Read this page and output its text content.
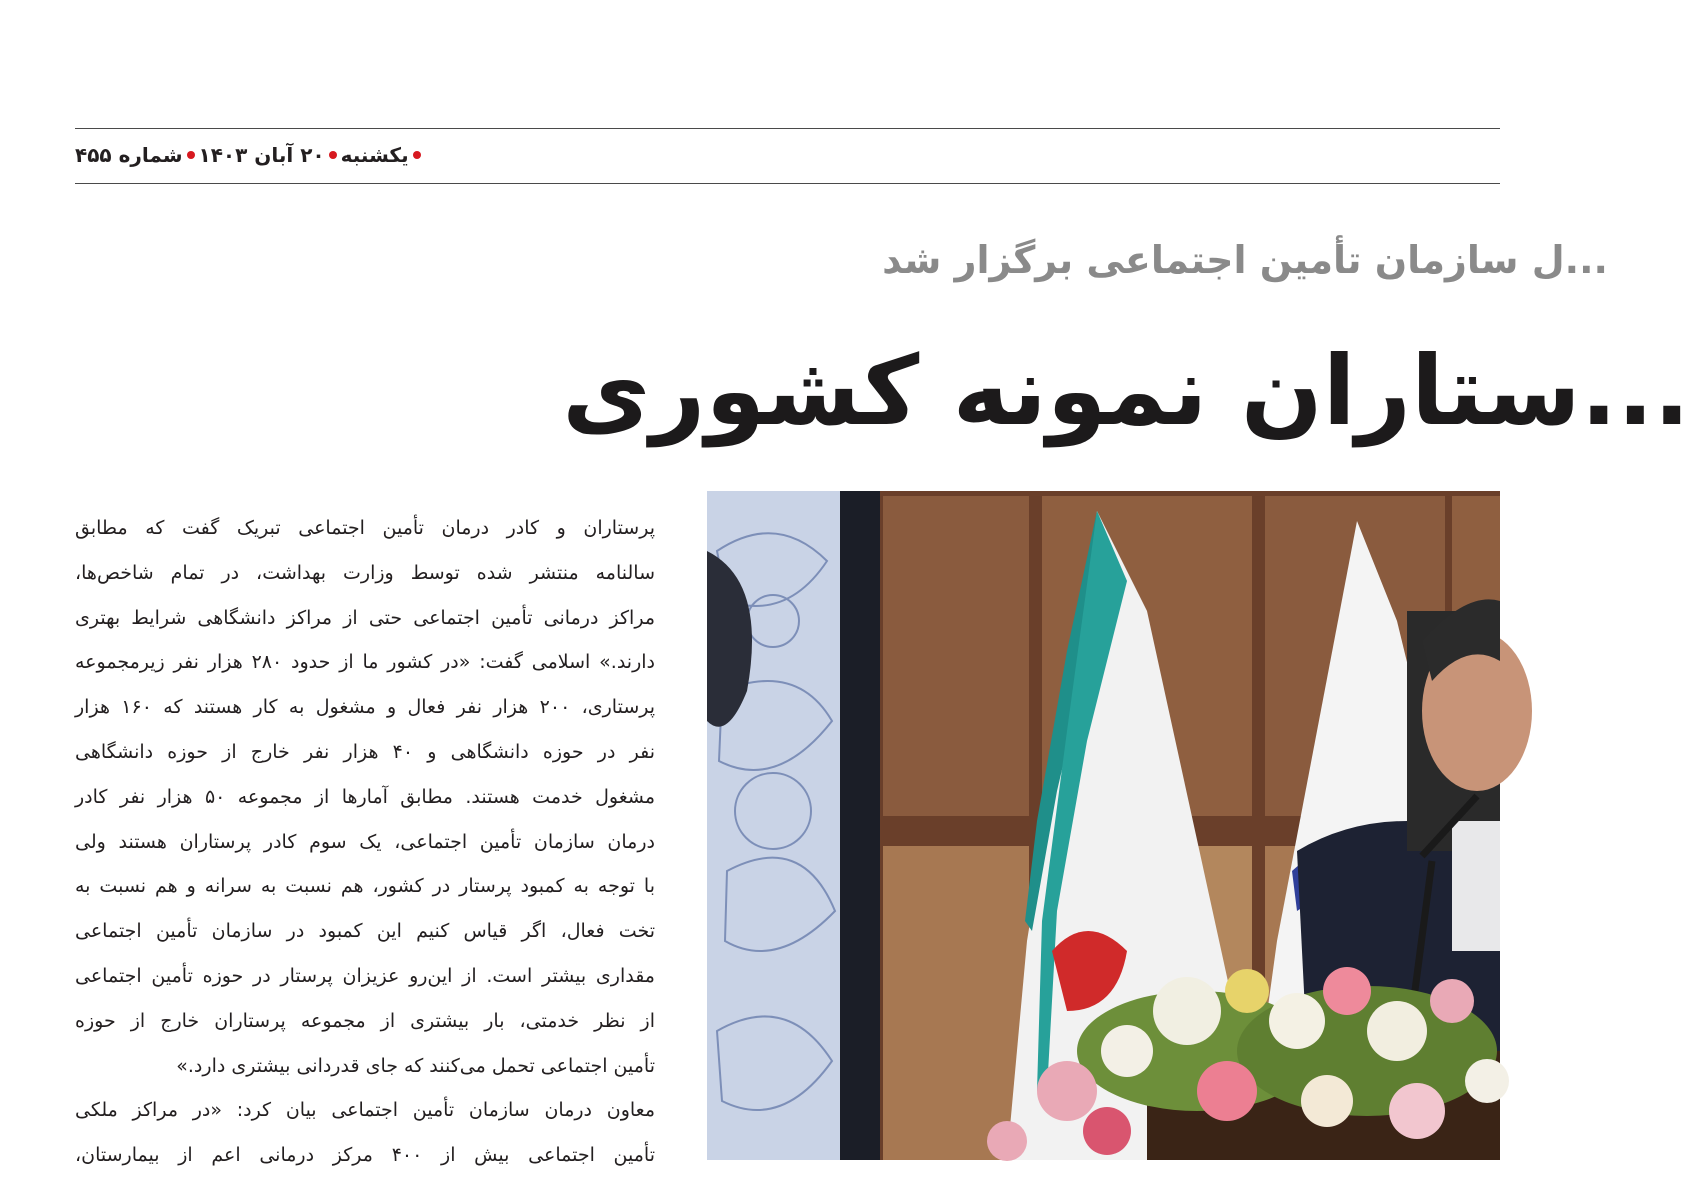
یکشنبه
۲۰ آبان ۱۴۰۳
شماره ۴۵۵
...ل سازمان تأمین اجتماعی برگزار شد
...ستاران نمونه کشوری

پرستاران و کادر درمان تأمین اجتماعی تبریک گفت که مطابق

سالنامه منتشر شده توسط وزارت بهداشت، در تمام شاخص‌ها،

مراکز درمانی تأمین اجتماعی حتی از مراکز دانشگاهی شرایط بهتری

دارند.» اسلامی گفت: «در کشور ما از حدود ۲۸۰ هزار نفر زیرمجموعه

پرستاری، ۲۰۰ هزار نفر فعال و مشغول به کار هستند که ۱۶۰ هزار

نفر در حوزه دانشگاهی و ۴۰ هزار نفر خارج از حوزه دانشگاهی

مشغول خدمت هستند. مطابق آمارها از مجموعه ۵۰ هزار نفر کادر

درمان سازمان تأمین اجتماعی، یک سوم کادر پرستاران هستند ولی

با توجه به کمبود پرستار در کشور، هم نسبت به سرانه و هم نسبت به

تخت فعال، اگر قیاس کنیم این کمبود در سازمان تأمین اجتماعی

مقداری بیشتر است. از این‌رو عزیزان پرستار در حوزه تأمین اجتماعی

از نظر خدمتی، بار بیشتری از مجموعه پرستاران خارج از حوزه

تأمین اجتماعی تحمل می‌کنند که جای قدردانی بیشتری دارد.»

معاون درمان سازمان تأمین اجتماعی بیان کرد: «در مراکز ملکی

تأمین اجتماعی بیش از ۴۰۰ مرکز درمانی اعم از بیمارستان،
